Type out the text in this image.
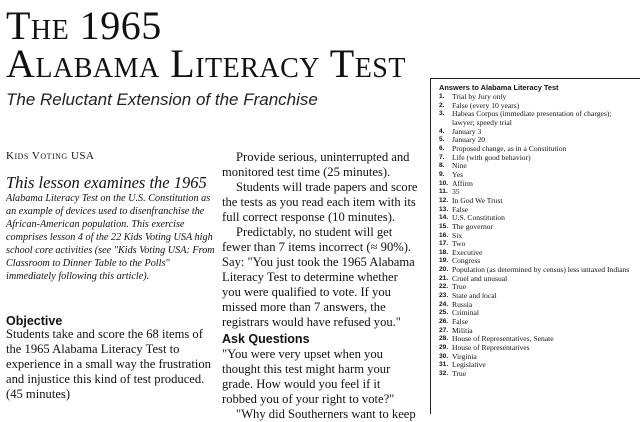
The 1965
Alabama Literacy Test

The Reluctant Extension of the Franchise

Kids Voting USA

This lesson examines the 1965 Alabama Literacy Test on the U.S. Constitution as an example of devices used to disenfranchise the African-American population. This exercise comprises lesson 4 of the 22 Kids Voting USA high school core activities (see "Kids Voting USA: From Classroom to Dinner Table to the Polls" immediately following this article).

Objective

Students take and score the 68 items of the 1965 Alabama Literacy Test to experience in a small way the frustration and injustice this kind of test produced. (45 minutes)

Provide serious, uninterrupted and monitored test time (25 minutes).

Students will trade papers and score the tests as you read each item with its full correct response (10 minutes).

Predictably, no student will get fewer than 7 items incorrect (≈ 90%). Say: "You just took the 1965 Alabama Literacy Test to determine whether you were qualified to vote. If you missed more than 7 answers, the registrars would have refused you."

Ask Questions

"You were very upset when you thought this test might harm your grade. How would you feel if it robbed you of your right to vote?"

"Why did Southerners want to keep

Answers to Alabama Literacy Test

1. Trial by Jury only
2. False (every 10 years)
3. Habeas Corpus (immediate presentation of charges); lawyer; speedy trial
4. January 3
5. January 20
6. Proposed change, as in a Constitution
7. Life (with good behavior)
8. Nine
9. Yes
10. Affirm
11. 35
12. In God We Trust
13. False
14. U.S. Constitution
15. The governor
16. Six
17. Two
18. Executive
19. Congress
20. Population (as determined by census) less untaxed Indians
21. Cruel and unusual
22. True
23. State and local
24. Russia
25. Criminal
26. False
27. Militia
28. House of Representatives, Senate
29. House of Representatives
30. Virginia
31. Legislative
32. True
